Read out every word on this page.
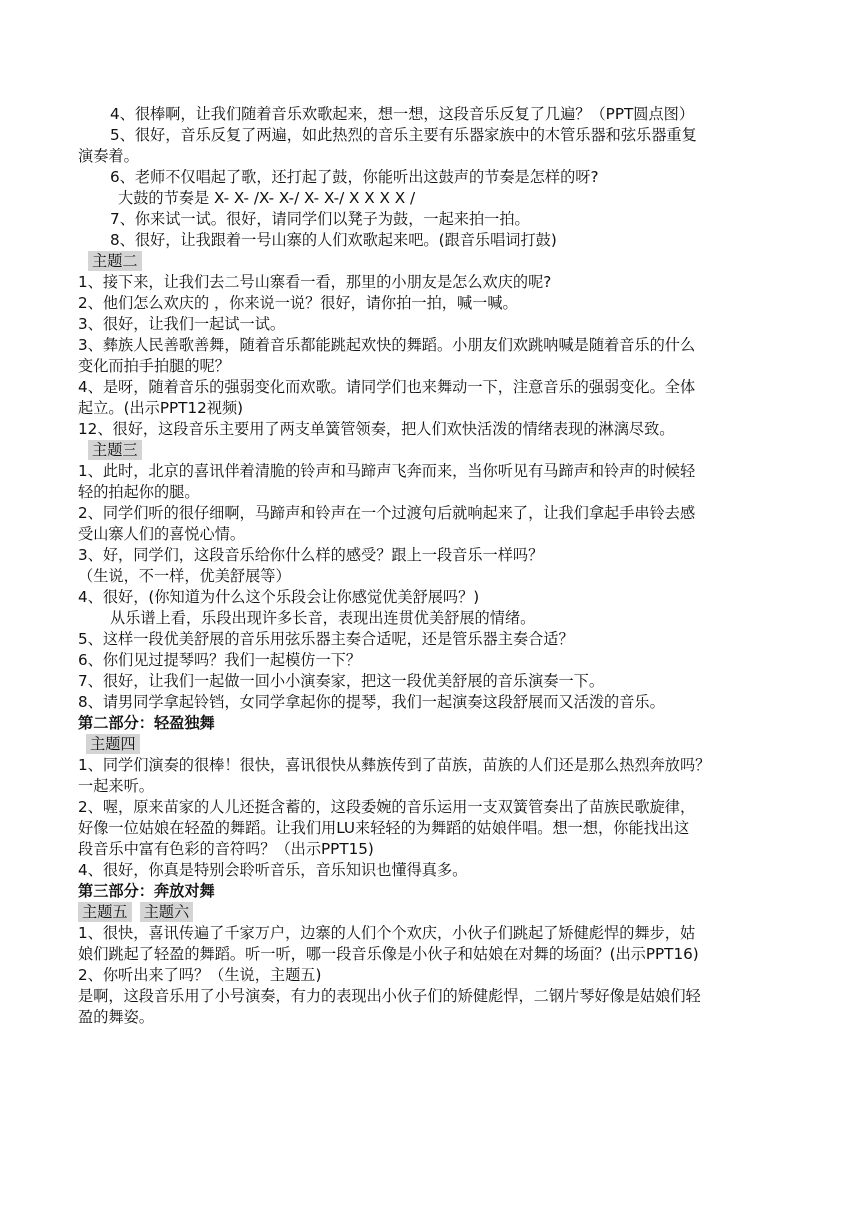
4、很棒啊，让我们随着音乐欢歌起来，想一想，这段音乐反复了几遍？（PPT圆点图）
5、很好，音乐反复了两遍，如此热烈的音乐主要有乐器家族中的木管乐器和弦乐器重复
演奏着。
6、老师不仅唱起了歌，还打起了鼓，你能听出这鼓声的节奏是怎样的呀?
大鼓的节奏是 X- X- /X- X-/ X- X-/ X X X X /
7、你来试一试。很好，请同学们以凳子为鼓，一起来拍一拍。
8、很好，让我跟着一号山寨的人们欢歌起来吧。(跟音乐唱词打鼓)
主题二
1、接下来，让我们去二号山寨看一看，那里的小朋友是怎么欢庆的呢?
2、他们怎么欢庆的 ，你来说一说？很好，请你拍一拍，喊一喊。
3、很好，让我们一起试一试。
3、彝族人民善歌善舞，随着音乐都能跳起欢快的舞蹈。小朋友们欢跳呐喊是随着音乐的什么
变化而拍手拍腿的呢？
4、是呀，随着音乐的强弱变化而欢歌。请同学们也来舞动一下，注意音乐的强弱变化。全体
起立。(出示PPT12视频)
12、很好，这段音乐主要用了两支单簧管领奏，把人们欢快活泼的情绪表现的淋漓尽致。
主题三
1、此时，北京的喜讯伴着清脆的铃声和马蹄声飞奔而来，当你听见有马蹄声和铃声的时候轻
轻的拍起你的腿。
2、同学们听的很仔细啊，马蹄声和铃声在一个过渡句后就响起来了，让我们拿起手串铃去感
受山寨人们的喜悦心情。
3、好，同学们，这段音乐给你什么样的感受？跟上一段音乐一样吗？
（生说，不一样，优美舒展等）
4、很好，(你知道为什么这个乐段会让你感觉优美舒展吗？)
从乐谱上看，乐段出现许多长音，表现出连贯优美舒展的情绪。
5、这样一段优美舒展的音乐用弦乐器主奏合适呢，还是管乐器主奏合适？
6、你们见过提琴吗？我们一起模仿一下？
7、很好，让我们一起做一回小小演奏家，把这一段优美舒展的音乐演奏一下。
8、请男同学拿起铃铛，女同学拿起你的提琴，我们一起演奏这段舒展而又活泼的音乐。
第二部分：轻盈独舞
主题四
1、同学们演奏的很棒！很快，喜讯很快从彝族传到了苗族，苗族的人们还是那么热烈奔放吗？
一起来听。
2、喔，原来苗家的人儿还挺含蓄的，这段委婉的音乐运用一支双簧管奏出了苗族民歌旋律，
好像一位姑娘在轻盈的舞蹈。让我们用LU来轻轻的为舞蹈的姑娘伴唱。想一想，你能找出这
段音乐中富有色彩的音符吗？（出示PPT15)
4、很好，你真是特别会聆听音乐，音乐知识也懂得真多。
第三部分：奔放对舞
主题五 主题六
1、很快，喜讯传遍了千家万户，边寨的人们个个欢庆，小伙子们跳起了矫健彪悍的舞步，姑
娘们跳起了轻盈的舞蹈。听一听，哪一段音乐像是小伙子和姑娘在对舞的场面？(出示PPT16)
2、你听出来了吗？（生说，主题五)
是啊，这段音乐用了小号演奏，有力的表现出小伙子们的矫健彪悍，二钢片琴好像是姑娘们轻
盈的舞姿。
